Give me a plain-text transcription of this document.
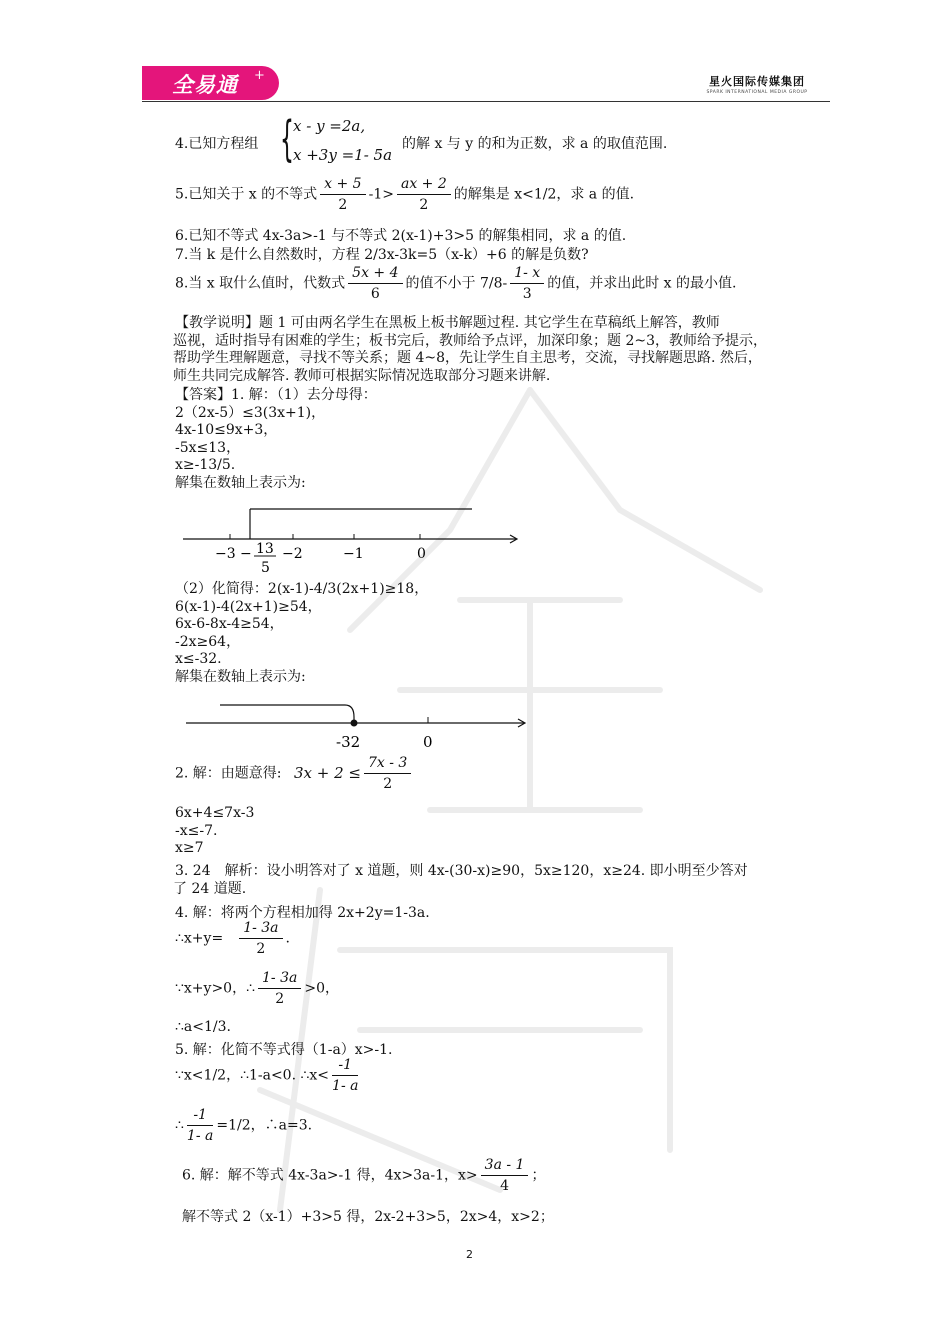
全易通 +	星火国际传媒集团
SPARK INTERNATIONAL MEDIA GROUP
4.已知方程组 { x - y =2a,
x +3y =1- 5a
的解 x 与 y 的和为正数，求 a 的取值范围.
5.已知关于 x 的不等式 $\frac{x + 5}{2} -1> \frac{ax + 2}{2}$ 的解集是 x<1/2，求 a 的值.
6.已知不等式 4x-3a>-1 与不等式 2(x-1)+3>5 的解集相同，求 a 的值.
7.当 k 是什么自然数时，方程 2/3x-3k=5（x-k）+6 的解是负数?
8.当 x 取什么值时，代数式 $\frac{5x + 4}{6}$ 的值不小于 $7/8- \frac{1- x}{3}$ 的值，并求出此时 x 的最小值.
【教学说明】题 1 可由两名学生在黑板上板书解题过程. 其它学生在草稿纸上解答，教师
巡视，适时指导有困难的学生；板书完后，教师给予点评，加深印象；题 2~3，教师给予提示，
帮助学生理解题意，寻找不等关系；题 4~8，先让学生自主思考，交流，寻找解题思路. 然后，
师生共同完成解答. 教师可根据实际情况选取部分习题来讲解.
【答案】1. 解：（1）去分母得：
2（2x-5）≤3(3x+1)，
4x-10≤9x+3，
-5x≤13，
x≥-13/5.
解集在数轴上表示为:
−3 − 13
5
−2	−1	0
（2）化简得：2(x-1)-4/3(2x+1)≥18，
6(x-1)-4(2x+1)≥54，
6x-6-8x-4≥54，
-2x≥64，
x≤-32.
解集在数轴上表示为:
-32	0
2. 解：由题意得: $3x + 2 \le \frac{7x - 3}{2}$
6x+4≤7x-3
-x≤-7.
x≥7
3. 24　解析：设小明答对了 x 道题，则 4x-(30-x)≥90，5x≥120，x≥24. 即小明至少答对
了 24 道题.
4. 解：将两个方程相加得 2x+2y=1-3a.
∴x+y= $\frac{1- 3a}{2}$ .
∵x+y>0，∴ $\frac{1- 3a}{2} >0$，
∴a<1/3.
5. 解：化简不等式得（1-a）x>-1.
∵x<1/2，∴1-a<0. ∴x< $\frac{-1}{1- a}$
∴ $\frac{-1}{1- a} =1/2$，∴a=3.
6. 解：解不等式 4x-3a>-1 得，4x>3a-1，$x> \frac{3a - 1}{4}$ ；
解不等式 2（x-1）+3>5 得，2x-2+3>5，2x>4，x>2；
2
